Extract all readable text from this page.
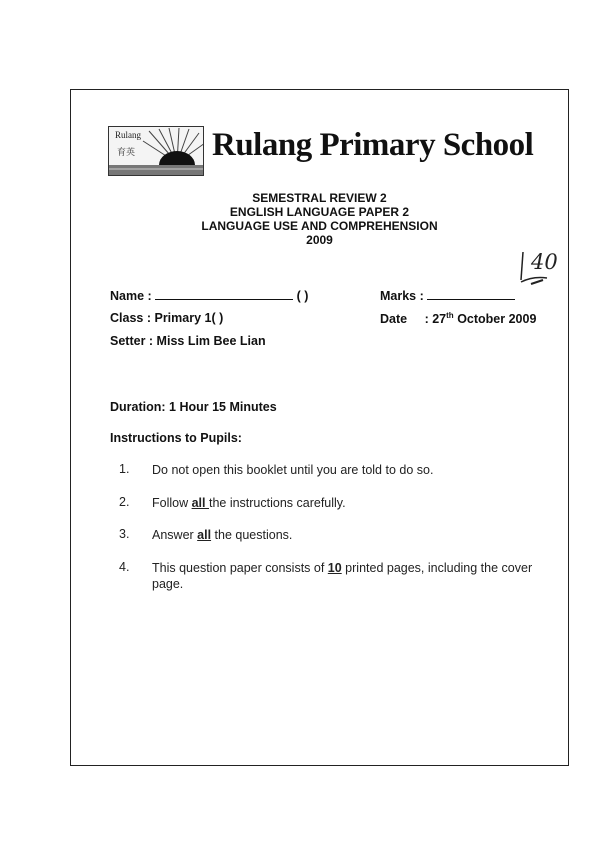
Rulang
育英 Rulang Primary School
SEMESTRAL REVIEW 2
ENGLISH LANGUAGE PAPER 2
LANGUAGE USE AND COMPREHENSION
2009
Name :	( )	Marks :
40
Class : Primary 1( )	Date : 27th October 2009
Setter : Miss Lim Bee Lian
Duration: 1 Hour 15 Minutes
Instructions to Pupils:
1. Do not open this booklet until you are told to do so.
2. Follow all the instructions carefully.
3. Answer all the questions.
4. This question paper consists of 10 printed pages, including the cover page.
